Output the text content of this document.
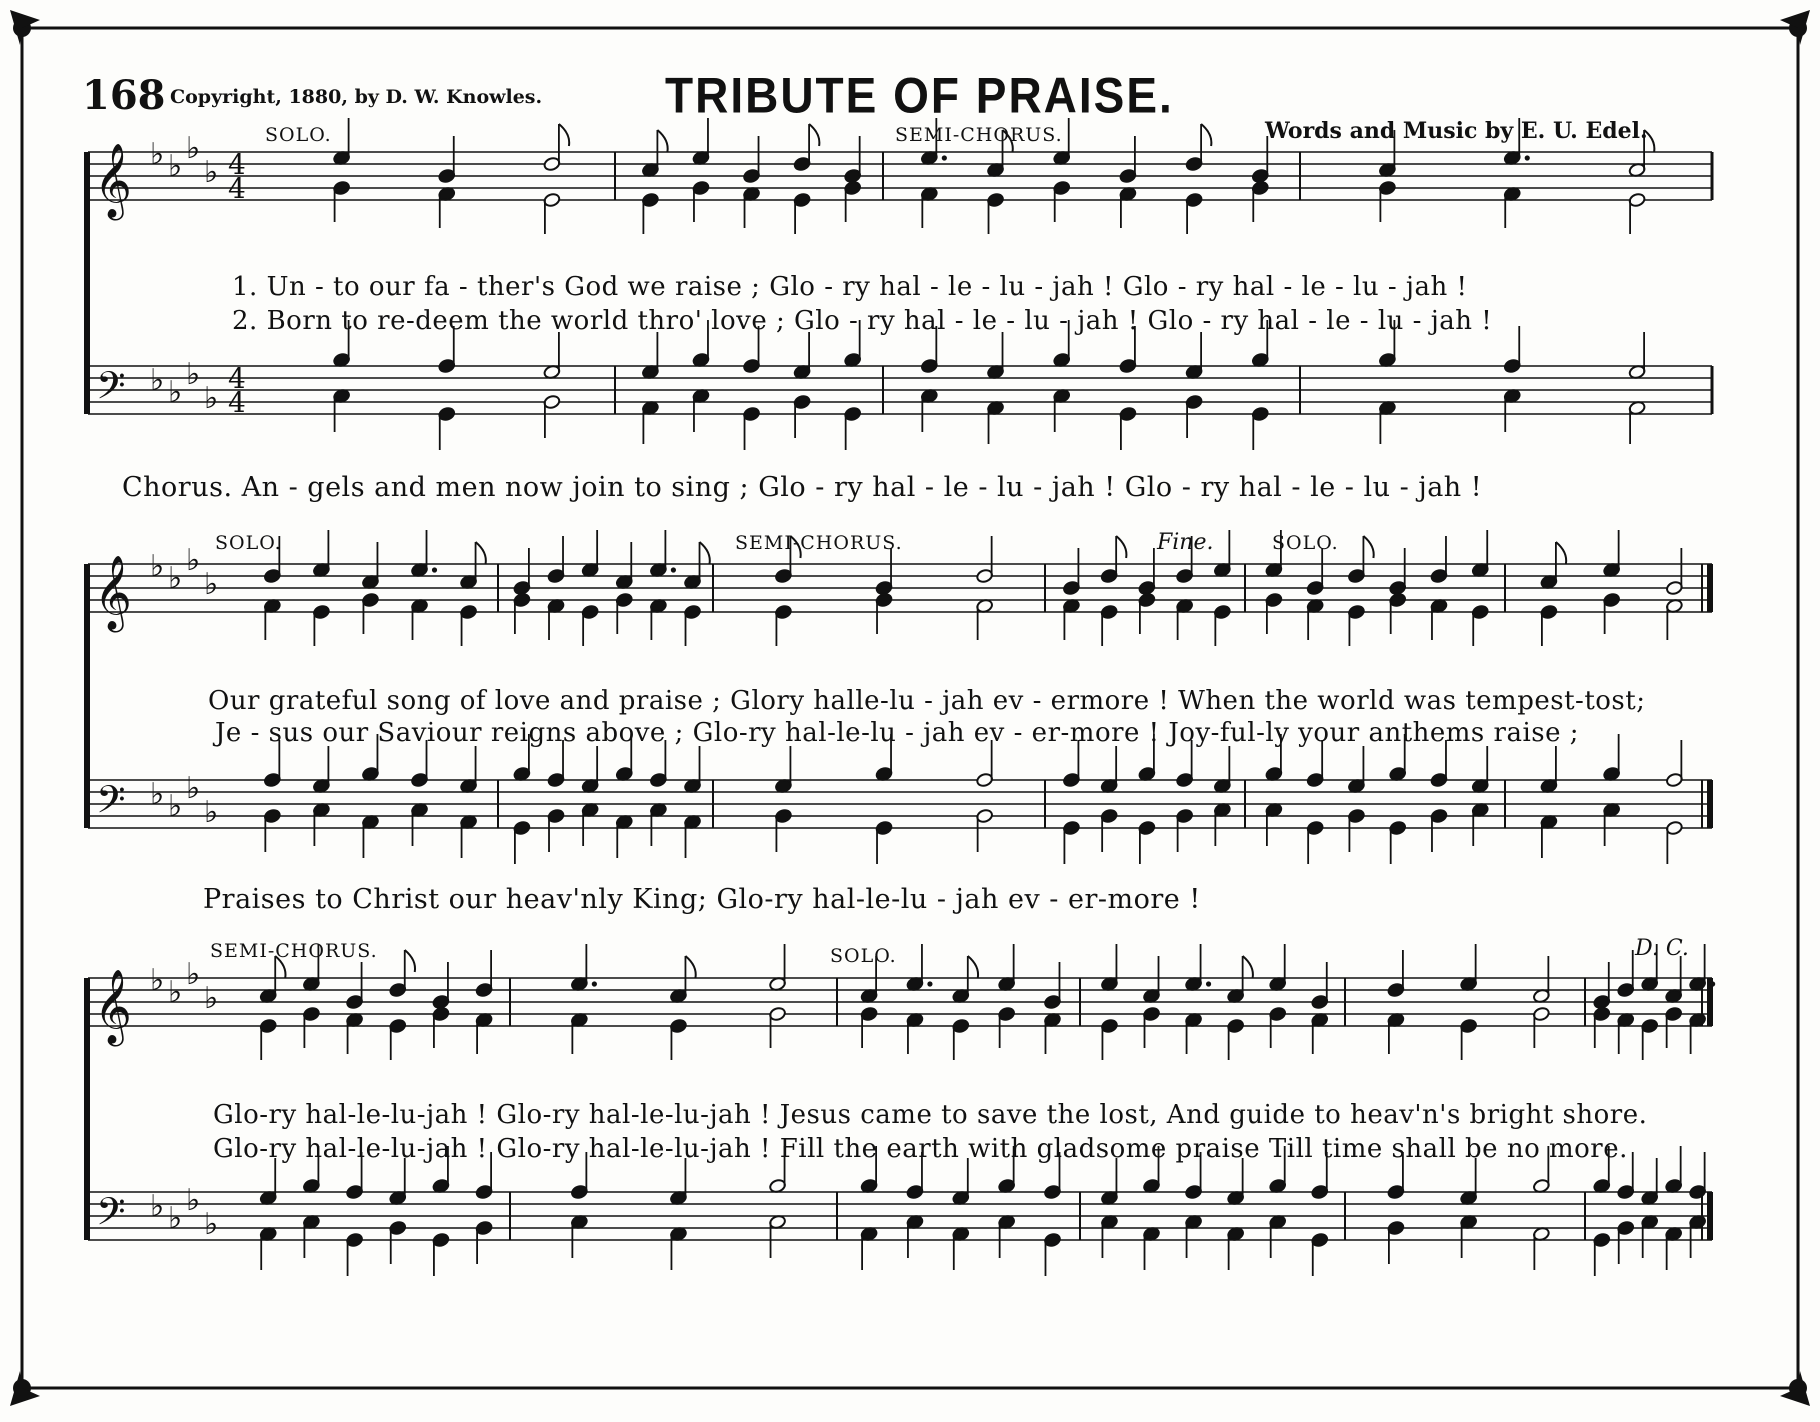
168 Copyright, 1880, by D. W. Knowles.	TRIBUTE OF PRAISE.
Words and Music by E. U. Edel.
SOLO.	SEMI-CHORUS.
SOLO.	SEMI-CHORUS.	Fine.	SOLO.
SEMI-CHORUS.	SOLO.	D. C.
𝄞 ♭ ♭
♭
♭ 4
4
𝄢 ♭ ♭
♭
♭
4
4
𝄞 ♭ ♭
♭
♭
𝄢 ♭ ♭
♭
♭
𝄞 ♭ ♭
♭
♭
𝄢 ♭ ♭
♭
♭
1. Un - to our fa - ther's God we raise ; Glo - ry hal - le - lu - jah ! Glo - ry hal - le - lu - jah !
2. Born to re-deem the world thro' love ; Glo - ry hal - le - lu - jah ! Glo - ry hal - le - lu - jah !
Chorus. An - gels and men now join to sing ; Glo - ry hal - le - lu - jah ! Glo - ry hal - le - lu - jah !
Our grateful song of love and praise ; Glory halle-lu - jah ev - ermore ! When the world was tempest-tost;
Je - sus our Saviour reigns above ; Glo-ry hal-le-lu - jah ev - er-more ! Joy-ful-ly your anthems raise ;
Praises to Christ our heav'nly King; Glo-ry hal-le-lu - jah ev - er-more !
Glo-ry hal-le-lu-jah ! Glo-ry hal-le-lu-jah ! Jesus came to save the lost, And guide to heav'n's bright shore.
Glo-ry hal-le-lu-jah ! Glo-ry hal-le-lu-jah ! Fill the earth with gladsome praise Till time shall be no more.
